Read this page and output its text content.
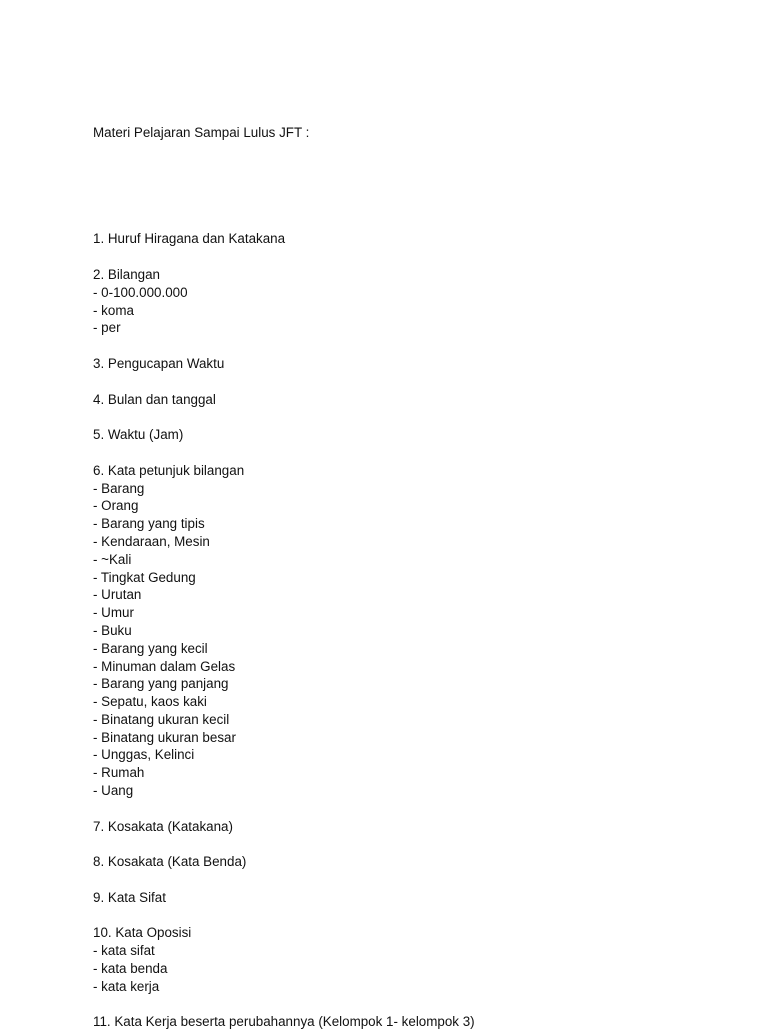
Materi Pelajaran Sampai Lulus JFT :

1. Huruf Hiragana dan Katakana
2. Bilangan
- 0-100.000.000
- koma
- per
3. Pengucapan Waktu
4. Bulan dan tanggal
5. Waktu (Jam)
6. Kata petunjuk bilangan
- Barang
- Orang
- Barang yang tipis
- Kendaraan, Mesin
- ~Kali
- Tingkat Gedung
- Urutan
- Umur
- Buku
- Barang yang kecil
- Minuman dalam Gelas
- Barang yang panjang
- Sepatu, kaos kaki
- Binatang ukuran kecil
- Binatang ukuran besar
- Unggas, Kelinci
- Rumah
- Uang
7. Kosakata (Katakana)
8. Kosakata (Kata Benda)
9. Kata Sifat
10. Kata Oposisi
- kata sifat
- kata benda
- kata kerja
11. Kata Kerja beserta perubahannya (Kelompok 1- kelompok 3)
